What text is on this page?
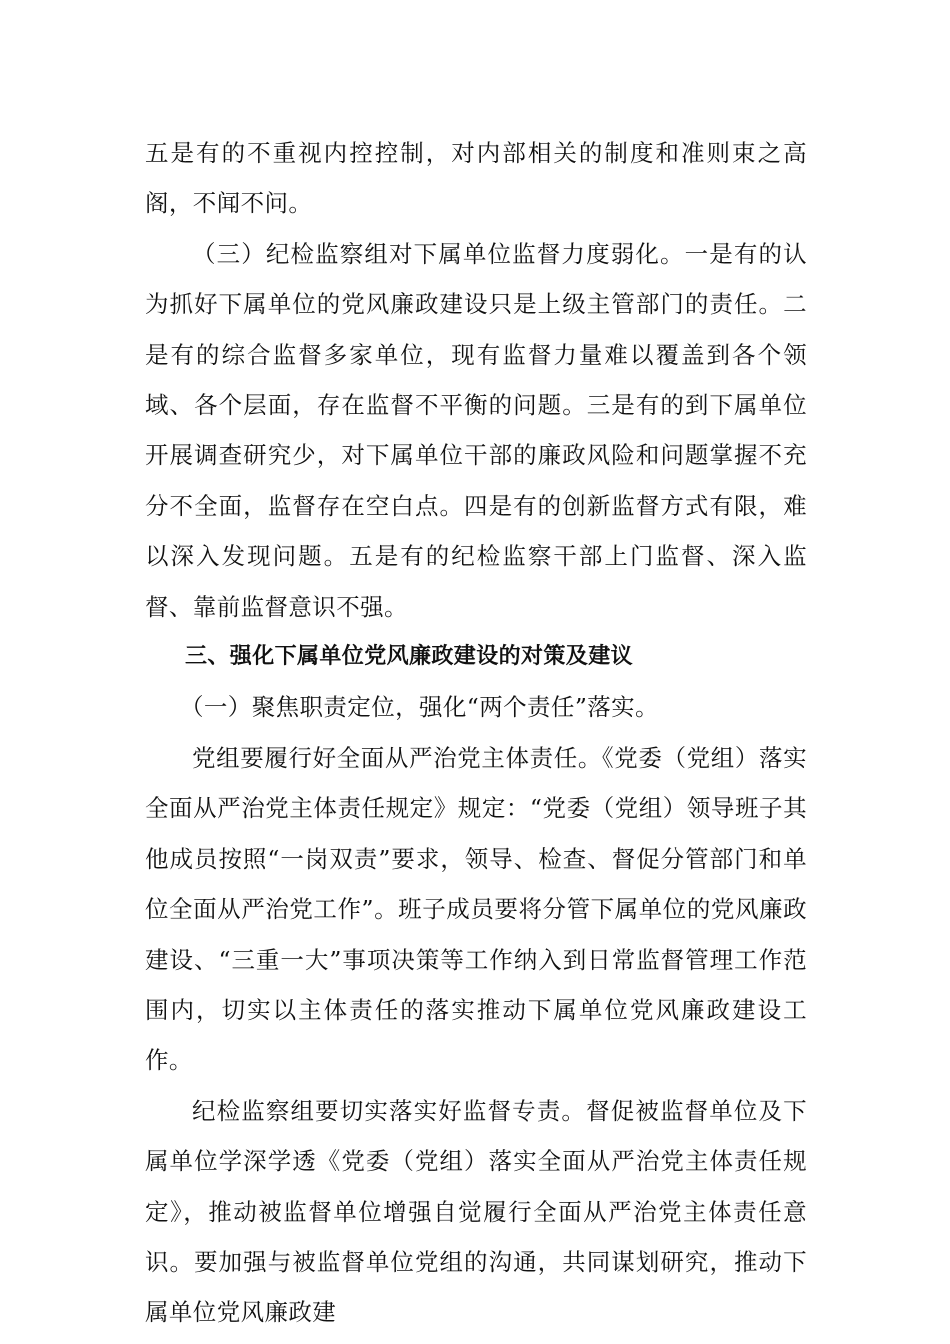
五是有的不重视内控控制，对内部相关的制度和准则束之高阁，不闻不问。

（三）纪检监察组对下属单位监督力度弱化。一是有的认为抓好下属单位的党风廉政建设只是上级主管部门的责任。二是有的综合监督多家单位，现有监督力量难以覆盖到各个领域、各个层面，存在监督不平衡的问题。三是有的到下属单位开展调查研究少，对下属单位干部的廉政风险和问题掌握不充分不全面，监督存在空白点。四是有的创新监督方式有限，难以深入发现问题。五是有的纪检监察干部上门监督、深入监督、靠前监督意识不强。

三、强化下属单位党风廉政建设的对策及建议

（一）聚焦职责定位，强化“两个责任”落实。

党组要履行好全面从严治党主体责任。《党委（党组）落实全面从严治党主体责任规定》规定：“党委（党组）领导班子其他成员按照“一岗双责”要求，领导、检查、督促分管部门和单位全面从严治党工作”。班子成员要将分管下属单位的党风廉政建设、“三重一大”事项决策等工作纳入到日常监督管理工作范围内，切实以主体责任的落实推动下属单位党风廉政建设工作。

纪检监察组要切实落实好监督专责。督促被监督单位及下属单位学深学透《党委（党组）落实全面从严治党主体责任规定》，推动被监督单位增强自觉履行全面从严治党主体责任意识。要加强与被监督单位党组的沟通，共同谋划研究，推动下属单位党风廉政建
